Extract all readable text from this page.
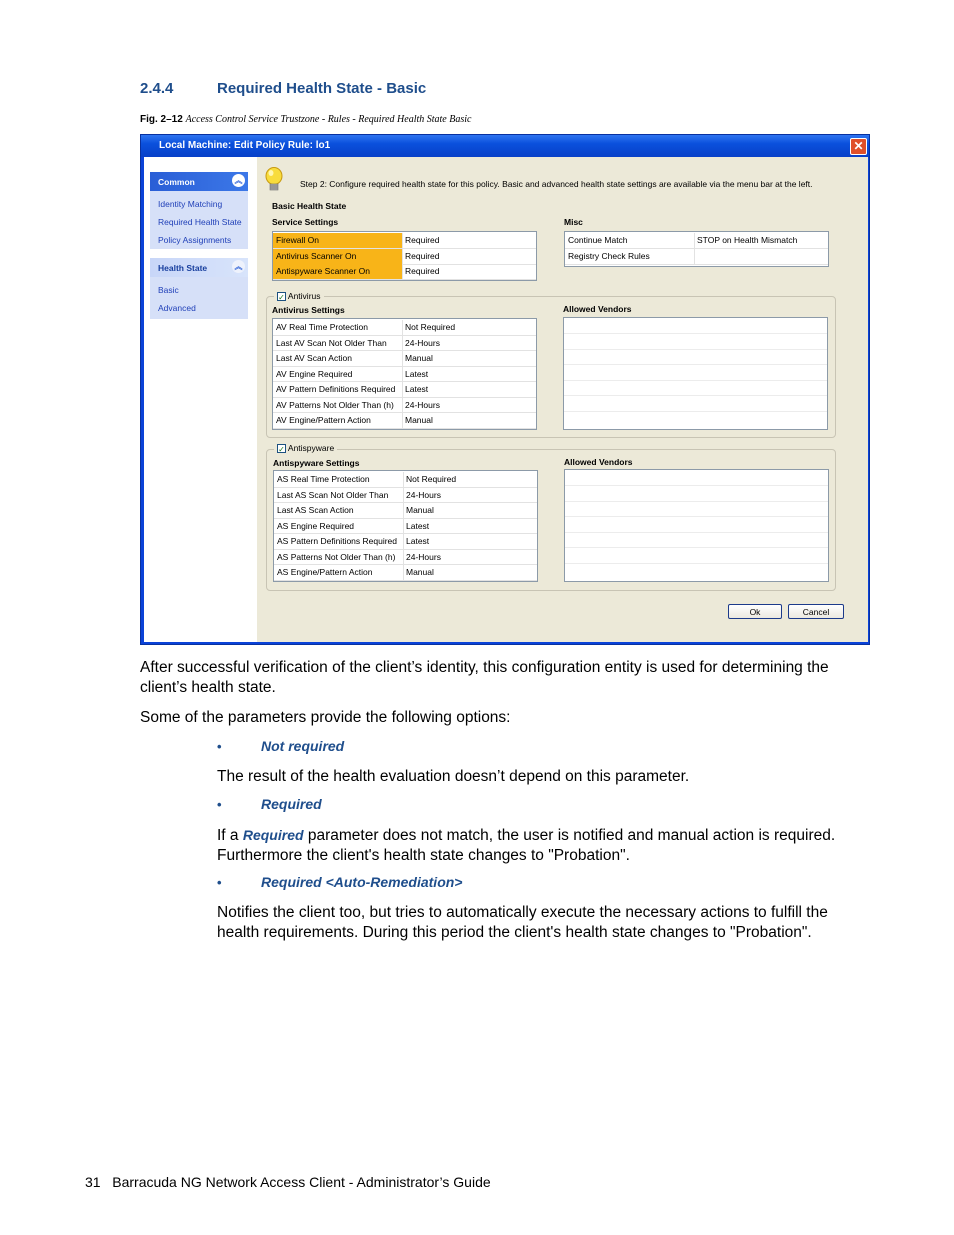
2.4.4	Required Health State - Basic
Fig. 2–12 Access Control Service Trustzone - Rules - Required Health State Basic
Local Machine: Edit Policy Rule: lo1	✕
Common	︽
Identity Matching
Required Health State
Policy Assignments
Health State	︽
Basic
Advanced
Step 2: Configure required health state for this policy. Basic and advanced health state settings are available via the menu bar at the left.
Basic Health State
Service Settings
Firewall On	Required
Antivirus Scanner On	Required
Antispyware Scanner On	Required
Misc
Continue Match	STOP on Health Mismatch
Registry Check Rules
✓ Antivirus
Antivirus Settings	Allowed Vendors
AV Real Time Protection	Not Required
Last AV Scan Not Older Than	24-Hours
Last AV Scan Action	Manual
AV Engine Required	Latest
AV Pattern Definitions Required	Latest
AV Patterns Not Older Than (h)	24-Hours
AV Engine/Pattern Action	Manual
✓ Antispyware
Antispyware Settings	Allowed Vendors
AS Real Time Protection	Not Required
Last AS Scan Not Older Than	24-Hours
Last AS Scan Action	Manual
AS Engine Required	Latest
AS Pattern Definitions Required	Latest
AS Patterns Not Older Than (h)	24-Hours
AS Engine/Pattern Action	Manual
Ok	Cancel
After successful verification of the client’s identity, this configuration entity is used for determining the client’s health state.
Some of the parameters provide the following options:
•	Not required
The result of the health evaluation doesn’t depend on this parameter.
•	Required
If a Required parameter does not match, the user is notified and manual action is required.
Furthermore the client's health state changes to "Probation".
•	Required <Auto-Remediation>
Notifies the client too, but tries to automatically execute the necessary actions to fulfill the
health requirements. During this period the client's health state changes to "Probation".
31 Barracuda NG Network Access Client - Administrator’s Guide
